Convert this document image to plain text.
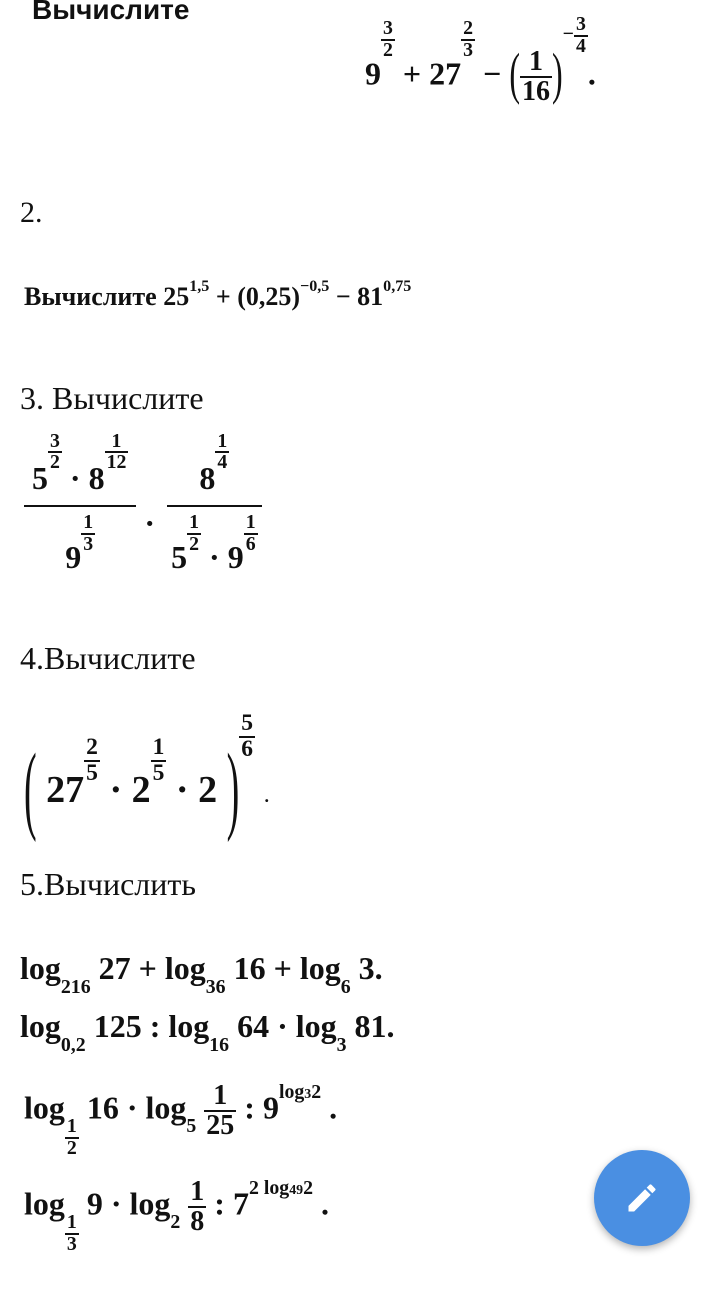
Вычислите
9
$^{\frac{3}{2}}$
+ 27
$^{\frac{2}{3}}$
− ( $\frac{1}{16} )^{- \frac{3}{4}}$
.
2.
Вычислите $25^{1,5} + (0,25)^{-0,5} - 81^{0,75}$
3. Вычислите
5
$^{\frac{3}{2}}$
· 8
$^{\frac{1}{12}}$
9
$^{\frac{1}{3}}$ · 8
$^{\frac{1}{4}}$
5
$^{\frac{1}{2}}$
· 9
$^{\frac{1}{6}}$
4.Вычислите
( 27
$^{\frac{2}{5}}$
· 2
$^{\frac{1}{5}}$
· 2 ) $^{\frac{5}{6}}$
.
5.Вычислить
$\log_{216} 27 + \log_{36} 16 + \log_6 3$.
$\log_{0,2} 125$ : $\log_{16} 64 \cdot \log_3 81$.
log
$_{\frac{1}{2}}$
$16 \cdot \log_5 \frac{1}{25}$ : $9^{log32}$ .
log
$_{\frac{1}{3}}$
$9 \cdot \log_2 \frac{1}{8}$ : $7^{2 log492}$ .
